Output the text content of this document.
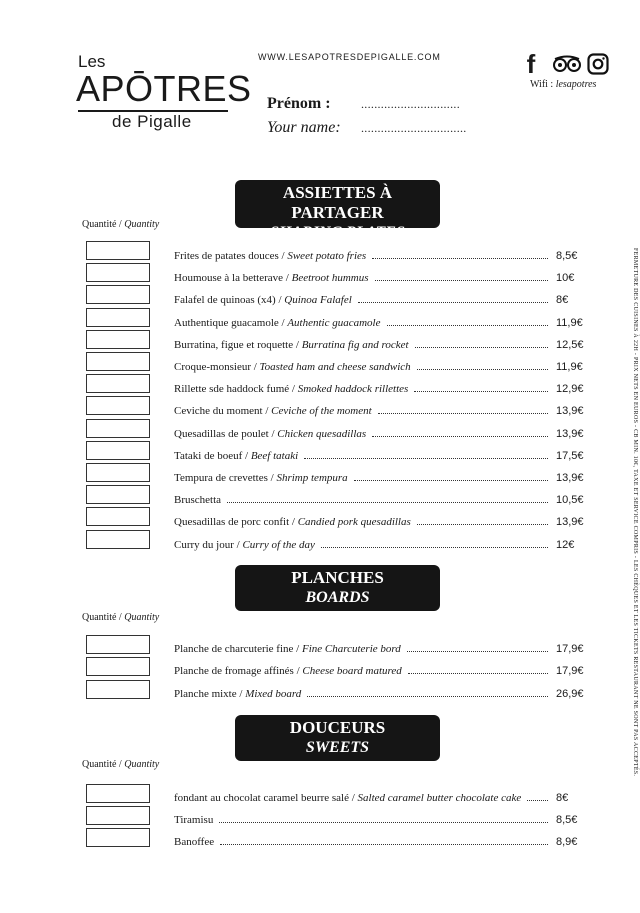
Les
APŌTRES
de Pigalle
WWW.LESAPOTRESDEPIGALLE.COM	f
Wifi : lesapotres
Prénom :	..............................
Your name:	................................
ASSIETTES À PARTAGER
SHARING PLATES
Quantité / Quantity
Frites de patates douces / Sweet potato fries	8,5€
Houmouse à la betterave / Beetroot hummus	10€
Falafel de quinoas (x4) / Quinoa Falafel	8€
Authentique guacamole / Authentic guacamole	11,9€
Burratina, figue et roquette / Burratina fig and rocket	12,5€
Croque-monsieur / Toasted ham and cheese sandwich	11,9€
Rillette sde haddock fumé / Smoked haddock rillettes	12,9€
Ceviche du moment / Ceviche of the moment	13,9€
Quesadillas de poulet / Chicken quesadillas	13,9€
Tataki de boeuf / Beef tataki	17,5€
Tempura de crevettes / Shrimp tempura	13,9€
Bruschetta	10,5€
Quesadillas de porc confit / Candied pork quesadillas	13,9€
Curry du jour / Curry of the day	12€
PLANCHES
BOARDS
Quantité / Quantity
Planche de charcuterie fine / Fine Charcuterie bord	17,9€
Planche de fromage affinés / Cheese board matured	17,9€
Planche mixte / Mixed board	26,9€
DOUCEURS
SWEETS
Quantité / Quantity
fondant au chocolat caramel beurre salé / Salted caramel butter chocolate cake	8€
Tiramisu	8,5€
Banoffee	8,9€
FERMETURE DES CUISINES À 22H - PRIX NETS EN EUROS - CB MIN. 10€, TAXE ET SERVICE COMPRIS - LES CHÈQUES ET LES TICKETS RESTAURANT NE SONT PAS ACCEPTÉS.
